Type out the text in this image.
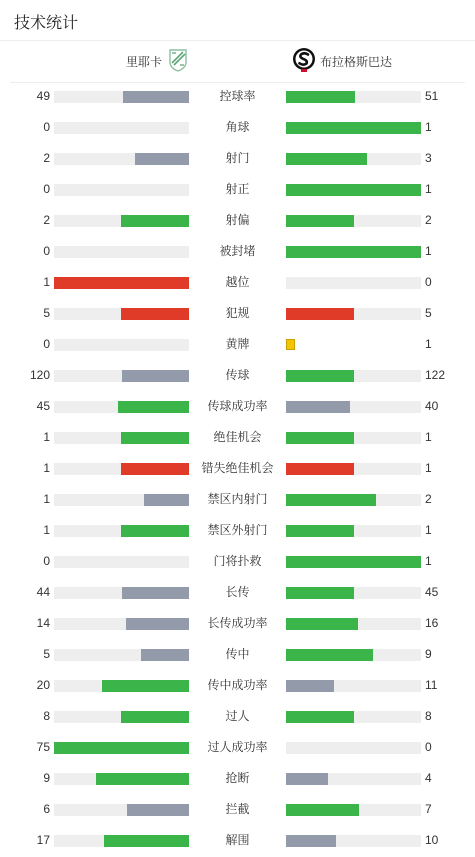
技术统计
里耶卡	布拉格斯巴达
49	控球率	51
0	角球	1
2	射门	3
0	射正	1
2	射偏	2
0	被封堵	1
1	越位	0
5	犯规	5
0	黄牌	1
120	传球	122
45	传球成功率	40
1	绝佳机会	1
1	错失绝佳机会	1
1	禁区内射门	2
1	禁区外射门	1
0	门将扑救	1
44	长传	45
14	长传成功率	16
5	传中	9
20	传中成功率	11
8	过人	8
75	过人成功率	0
9	抢断	4
6	拦截	7
17	解围	10
